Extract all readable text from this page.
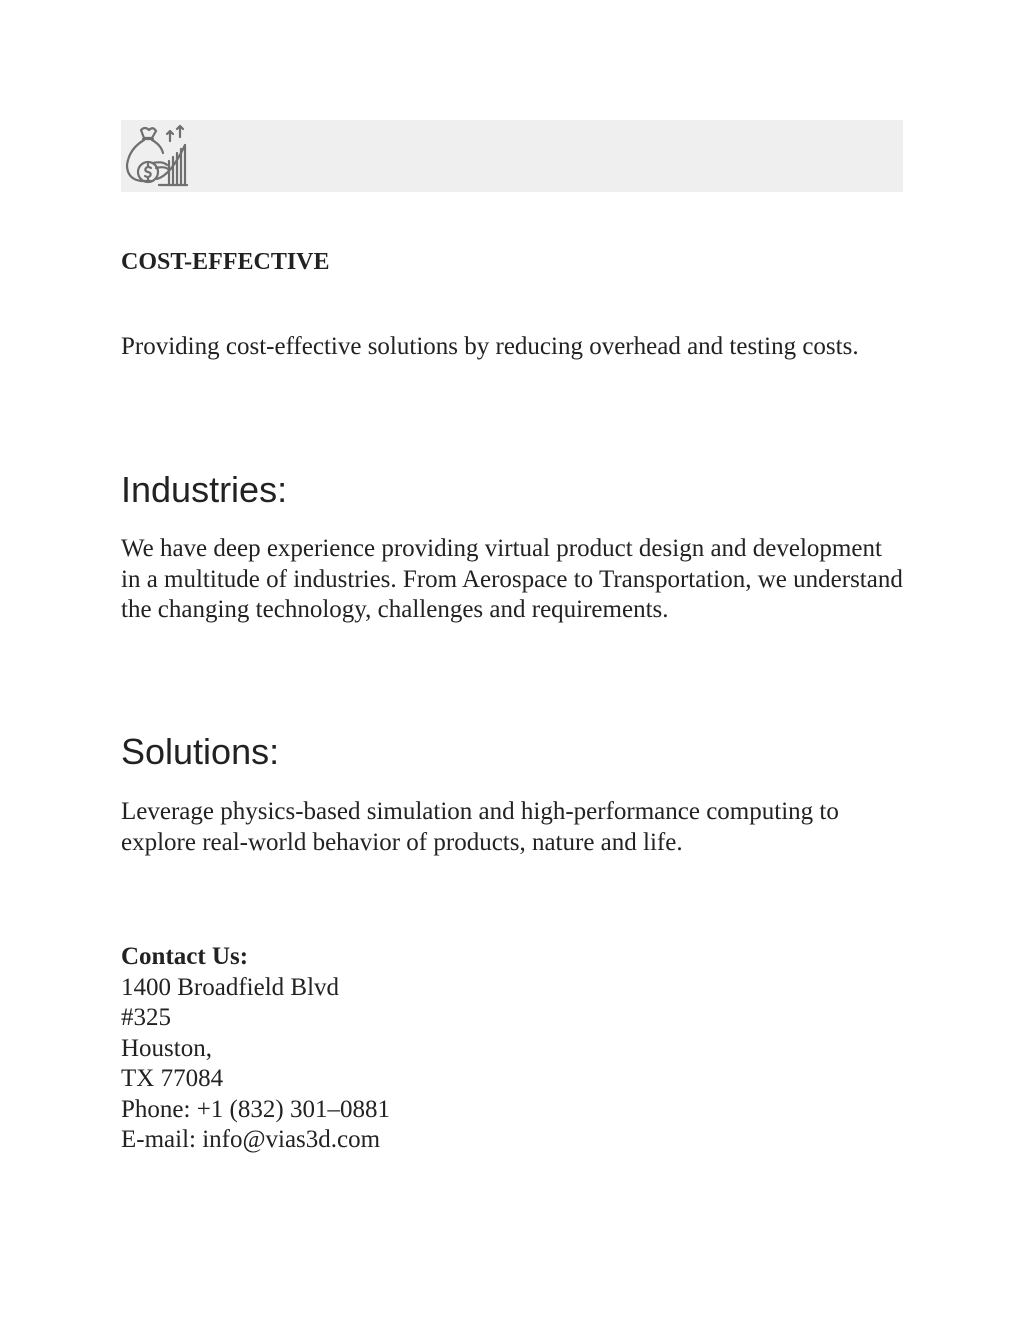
COST-EFFECTIVE

Providing cost-effective solutions by reducing overhead and testing costs.

Industries:

We have deep experience providing virtual product design and development in a multitude of industries. From Aerospace to Transportation, we understand the changing technology, challenges and requirements.

Solutions:

Leverage physics-based simulation and high-performance computing to explore real-world behavior of products, nature and life.

Contact Us:
1400 Broadfield Blvd
#325
Houston,
TX 77084
Phone: +1 (832) 301–0881
E-mail: info@vias3d.com
